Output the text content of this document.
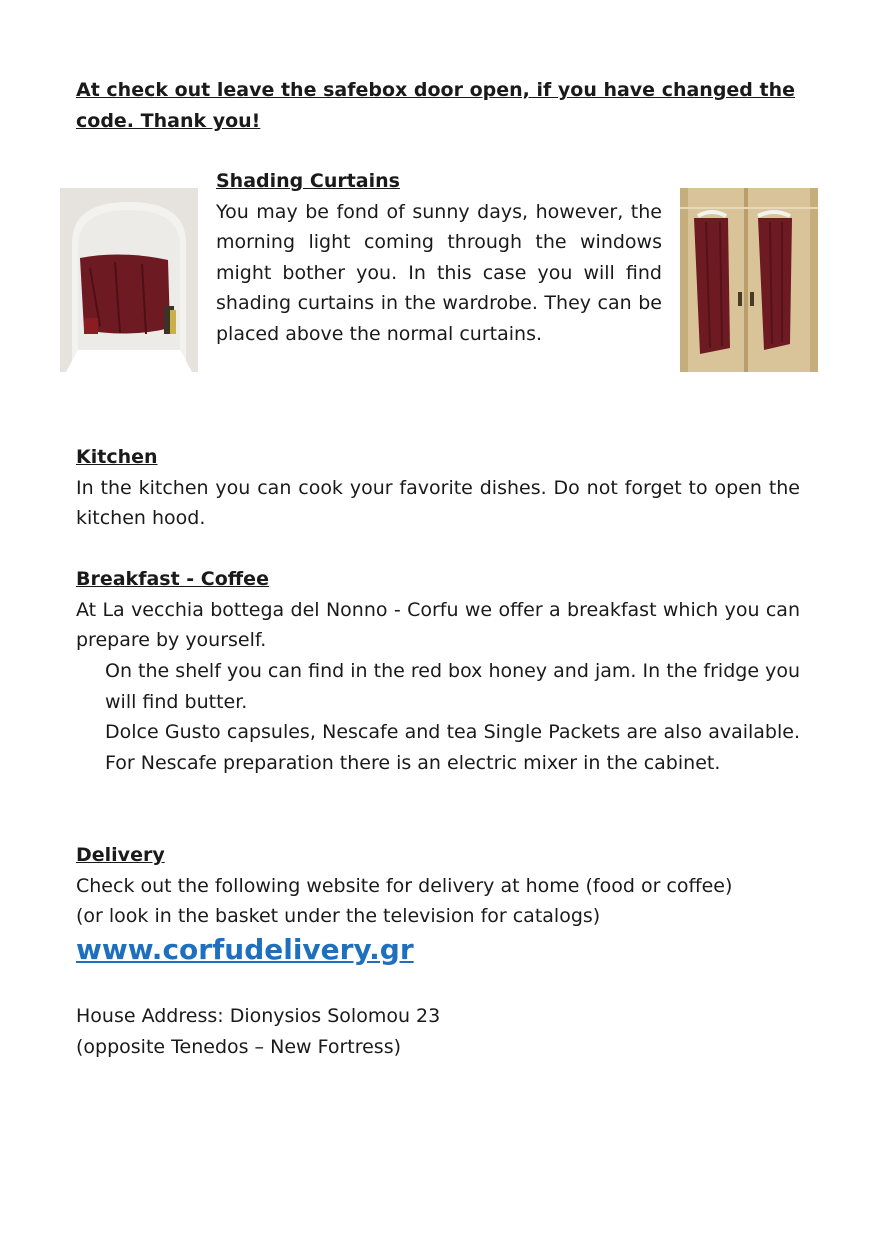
At check out leave the safebox door open, if you have changed the code. Thank you!
Shading Curtains
You may be fond of sunny days, however, the morning light coming through the windows might bother you. In this case you will find shading curtains in the wardrobe. They can be placed above the normal curtains.
Kitchen
In the kitchen you can cook your favorite dishes. Do not forget to open the kitchen hood.
Breakfast - Coffee
At La vecchia bottega del Nonno - Corfu we offer a breakfast which you can prepare by yourself.
On the shelf you can find in the red box honey and jam. In the fridge you will find butter.
Dolce Gusto capsules, Nescafe and tea Single Packets are also available. For Nescafe preparation there is an electric mixer in the cabinet.
Delivery
Check out the following website for delivery at home (food or coffee)
(or look in the basket under the television for catalogs)
www.corfudelivery.gr
House Address: Dionysios Solomou 23
(opposite Tenedos – New Fortress)
